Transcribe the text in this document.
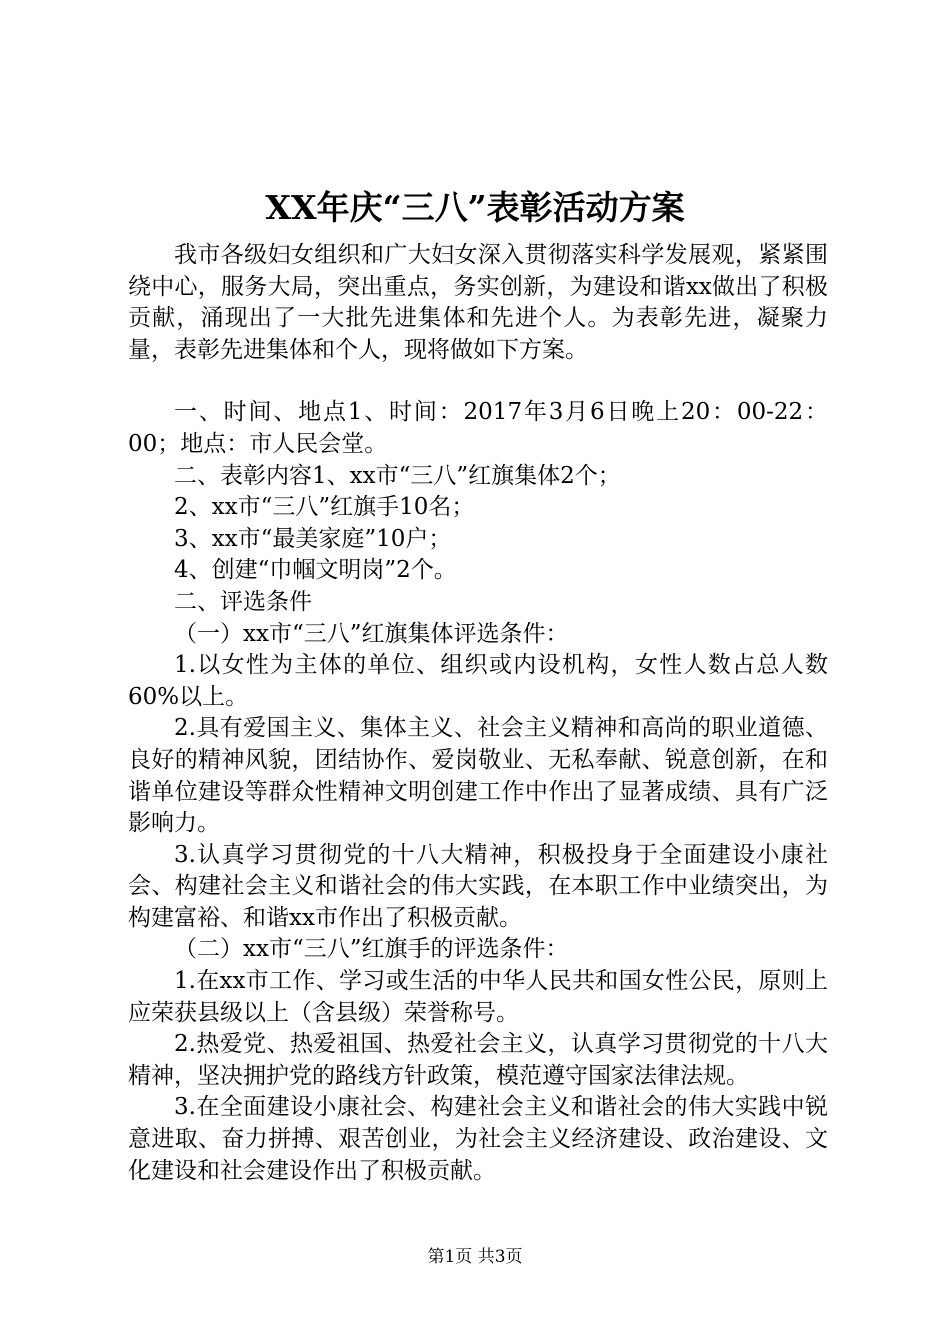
XX年庆“三八”表彰活动方案

我市各级妇女组织和广大妇女深入贯彻落实科学发展观，紧紧围绕中心，服务大局，突出重点，务实创新，为建设和谐xx做出了积极贡献，涌现出了一大批先进集体和先进个人。为表彰先进，凝聚力量，表彰先进集体和个人，现将做如下方案。

一、时间、地点1、时间：2017年3月6日晚上20：00-22：00；地点：市人民会堂。

二、表彰内容1、xx市“三八”红旗集体2个；

2、xx市“三八”红旗手10名；

3、xx市“最美家庭”10户；

4、创建“巾帼文明岗”2个。

二、评选条件

（一）xx市“三八”红旗集体评选条件：

1.以女性为主体的单位、组织或内设机构，女性人数占总人数60%以上。

2.具有爱国主义、集体主义、社会主义精神和高尚的职业道德、良好的精神风貌，团结协作、爱岗敬业、无私奉献、锐意创新，在和谐单位建设等群众性精神文明创建工作中作出了显著成绩、具有广泛影响力。

3.认真学习贯彻党的十八大精神，积极投身于全面建设小康社会、构建社会主义和谐社会的伟大实践，在本职工作中业绩突出，为构建富裕、和谐xx市作出了积极贡献。

（二）xx市“三八”红旗手的评选条件：

1.在xx市工作、学习或生活的中华人民共和国女性公民，原则上应荣获县级以上（含县级）荣誉称号。

2.热爱党、热爱祖国、热爱社会主义，认真学习贯彻党的十八大精神，坚决拥护党的路线方针政策，模范遵守国家法律法规。

3.在全面建设小康社会、构建社会主义和谐社会的伟大实践中锐意进取、奋力拼搏、艰苦创业，为社会主义经济建设、政治建设、文化建设和社会建设作出了积极贡献。

第1页 共3页
